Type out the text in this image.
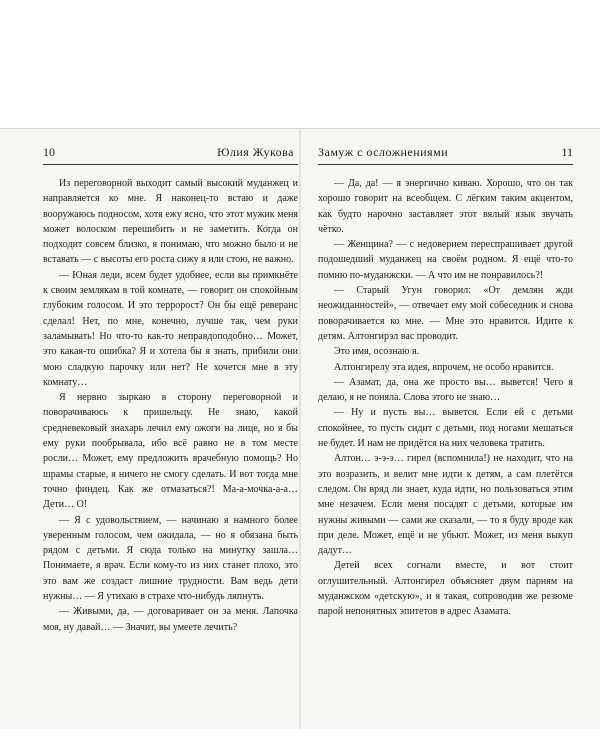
10	Юлия Жукова

Из переговорной выходит самый высокий муданжец и направляется ко мне. Я наконец-то встаю и даже вооружаюсь подносом, хотя ежу ясно, что этот мужик меня может волоском перешибить и не заметить. Когда он подходит совсем близко, я понимаю, что можно было и не вставать — с высоты его роста сижу я или стою, не важно.

— Юная леди, всем будет удобнее, если вы примкнёте к своим землякам в той комнате, — говорит он спокойным глубоким голосом. И это терророст? Он бы ещё реверанс сделал! Нет, по мне, конечно, лучше так, чем руки заламывать! Но что-то как-то неправдоподобно… Может, это какая-то ошибка? Я и хотела бы я знать, прибили они мою сладкую парочку или нет? Не хочется мне в эту комнату…

Я нервно зыркаю в сторону переговорной и поворачиваюсь к пришельцу. Не знаю, какой средневековый знахарь лечил ему ожоги на лице, но я бы ему руки пообрывала, ибо всё равно не в том месте росли… Может, ему предложить врачебную помощь? Но шрамы старые, я ничего не смогу сделать. И вот тогда мне точно финдец. Как же отмазаться?! Ма-а-мочка-а-а… Дети… О!

— Я с удовольствием, — начинаю я намного более уверенным голосом, чем ожидала, — но я обязана быть рядом с детьми. Я сюда только на минутку зашла… Понимаете, я врач. Если кому-то из них станет плохо, это это вам же создаст лишние трудности. Вам ведь дети нужны… — Я утихаю в страхе что-нибудь ляпнуть.

— Живыми, да, — договаривает он за меня. Лапочка моя, ну давай… — Значит, вы умеете лечить?

Замуж с осложнениями	11

— Да, да! — я энергично киваю. Хорошо, что он так хорошо говорит на всеобщем. С лёгким таким акцентом, как будто нарочно заставляет этот вялый язык звучать чётко.

— Женщина? — с недоверием переспрашивает другой подошедший муданжец на своём родном. Я ещё что-то помню по-муданжски. — А что им не понравилось?!

— Старый Угун говорил: «От демлян жди неожиданностей», — отвечает ему мой собеседник и снова поворачивается ко мне. — Мне это нравится. Идите к детям. Алтонгирэл вас проводит.

Это имя, осознаю я.

Алтонгирелу эта идея, впрочем, не особо нравится.

— Азамат, да, она же просто вы… вывется! Чего я делаю, я не поняла. Слова этого не знаю…

— Ну и пусть вы… вывется. Если ей с детьми спокойнее, то пусть сидит с детьми, под ногами мешаться не будет. И нам не придётся на них человека тратить.

Алтон… э-э-э… гирел (вспомнила!) не находит, что на это возразить, и велит мне идти к детям, а сам плетётся следом. Он вряд ли знает, куда идти, но пользоваться этим мне незачем. Если меня посадят с детьми, которые им нужны живыми — сами же сказали, — то я буду вроде как при деле. Может, ещё и не убьют. Может, из меня выкуп дадут…

Детей всех согнали вместе, и вот стоит оглушительный. Алтонгирел объясняет двум парням на муданжском «детскую», и я такая, сопроводив же резюме парой непонятных эпитетов в адрес Азамата.
